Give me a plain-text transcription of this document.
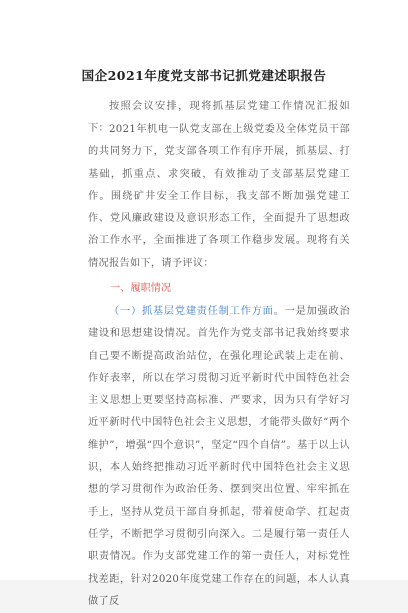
国企2021年度党支部书记抓党建述职报告
按照会议安排，现将抓基层党建工作情况汇报如下： 2021年机电一队党支部在上级党委及全体党员干部的共同努力下，党支部各项工作有序开展，抓基层、打基础，抓重点、求突破，有效推动了支部基层党建工作。围绕矿井安全工作目标，我支部不断加强党建工作、党风廉政建设及意识形态工作，全面提升了思想政治工作水平，全面推进了各项工作稳步发展。现将有关情况报告如下，请予评议：
一、履职情况
（一）抓基层党建责任制工作方面。一是加强政治建设和思想建设情况。首先作为党支部书记我始终要求自己要不断提高政治站位，在强化理论武装上走在前、作好表率，所以在学习贯彻习近平新时代中国特色社会主义思想上更要坚持高标准、严要求，因为只有学好习近平新时代中国特色社会主义思想，才能带头做好“两个维护”，增强“四个意识”，坚定“四个自信”。基于以上认识，本人始终把推动习近平新时代中国特色社会主义思想的学习贯彻作为政治任务、摆到突出位置、牢牢抓在手上，坚持从党员干部自身抓起，带着使命学、扛起责任学，不断把学习贯彻引向深入。二是履行第一责任人职责情况。作为支部党建工作的第一责任人，对标党性找差距，针对2020年度党建工作存在的问题，本人认真做了反
